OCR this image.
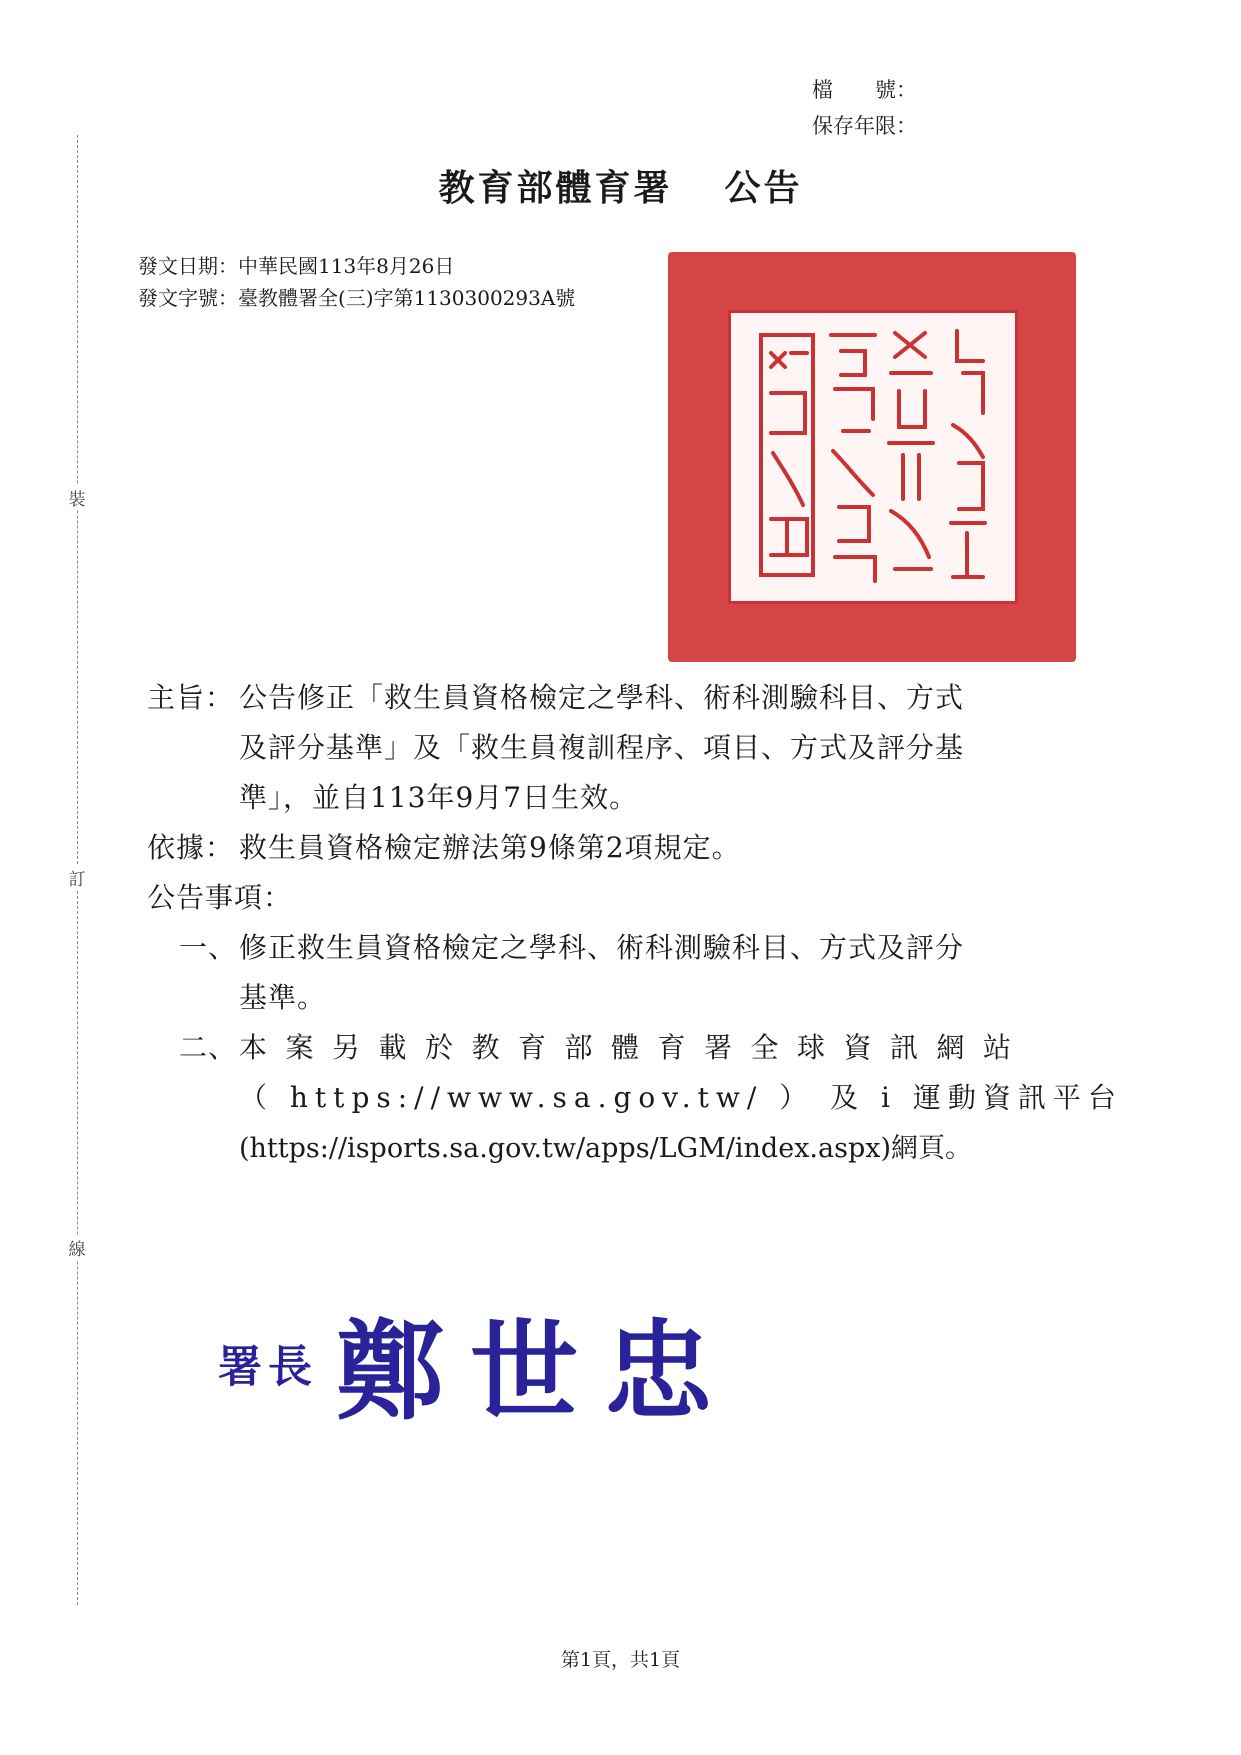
裝
訂
線
檔　　號：
保存年限：
教育部體育署 公告
發文日期：中華民國113年8月26日
發文字號：臺教體署全(三)字第1130300293A號
主旨： 公告修正「救生員資格檢定之學科、術科測驗科目、方式
及評分基準」及「救生員複訓程序、項目、方式及評分基
準」，並自113年9月7日生效。
依據： 救生員資格檢定辦法第9條第2項規定。
公告事項：
一、 修正救生員資格檢定之學科、術科測驗科目、方式及評分
基準。
二、 本案另載於教育部體育署全球資訊網站
（ https://www.sa.gov.tw/ ） 及 i 運動資訊平台
(https://isports.sa.gov.tw/apps/LGM/index.aspx)網頁。
署長 鄭世忠
第1頁，共1頁
